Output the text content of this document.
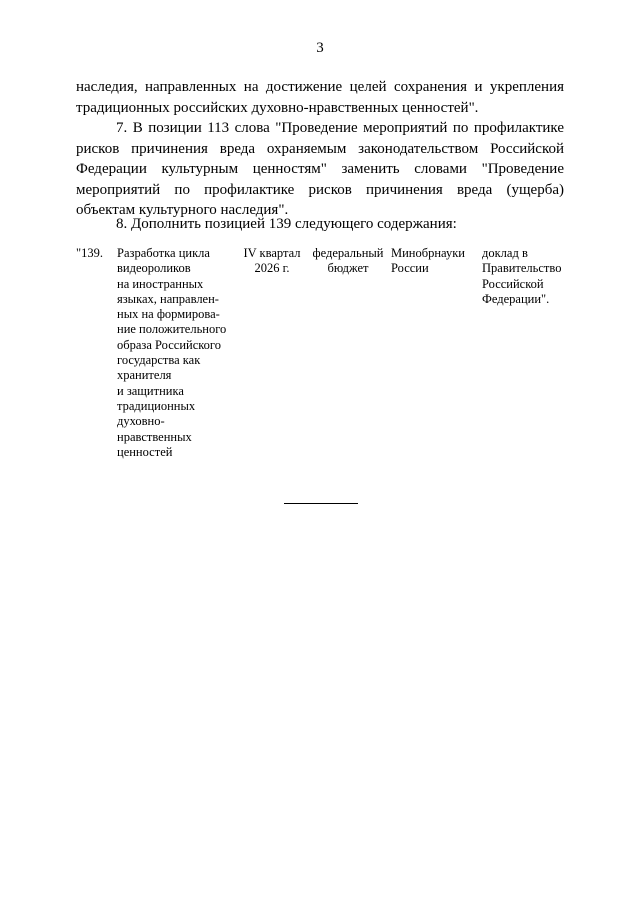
3
наследия, направленных на достижение целей сохранения и укрепления традиционных российских духовно-нравственных ценностей".
7. В позиции 113 слова "Проведение мероприятий по профилактике рисков причинения вреда охраняемым законодательством Российской Федерации культурным ценностям" заменить словами "Проведение мероприятий по профилактике рисков причинения вреда (ущерба) объектам культурного наследия".
8. Дополнить позицией 139 следующего содержания:
"139. Разработка цикла
видеороликов
на иностранных
языках, направлен-
ных на формирова-
ние положительного
образа Российского
государства как
хранителя
и защитника
традиционных
духовно-
нравственных
ценностей
IV квартал
2026 г.
федеральный
бюджет
Минобрнауки
России
доклад в
Правительство
Российской
Федерации".
